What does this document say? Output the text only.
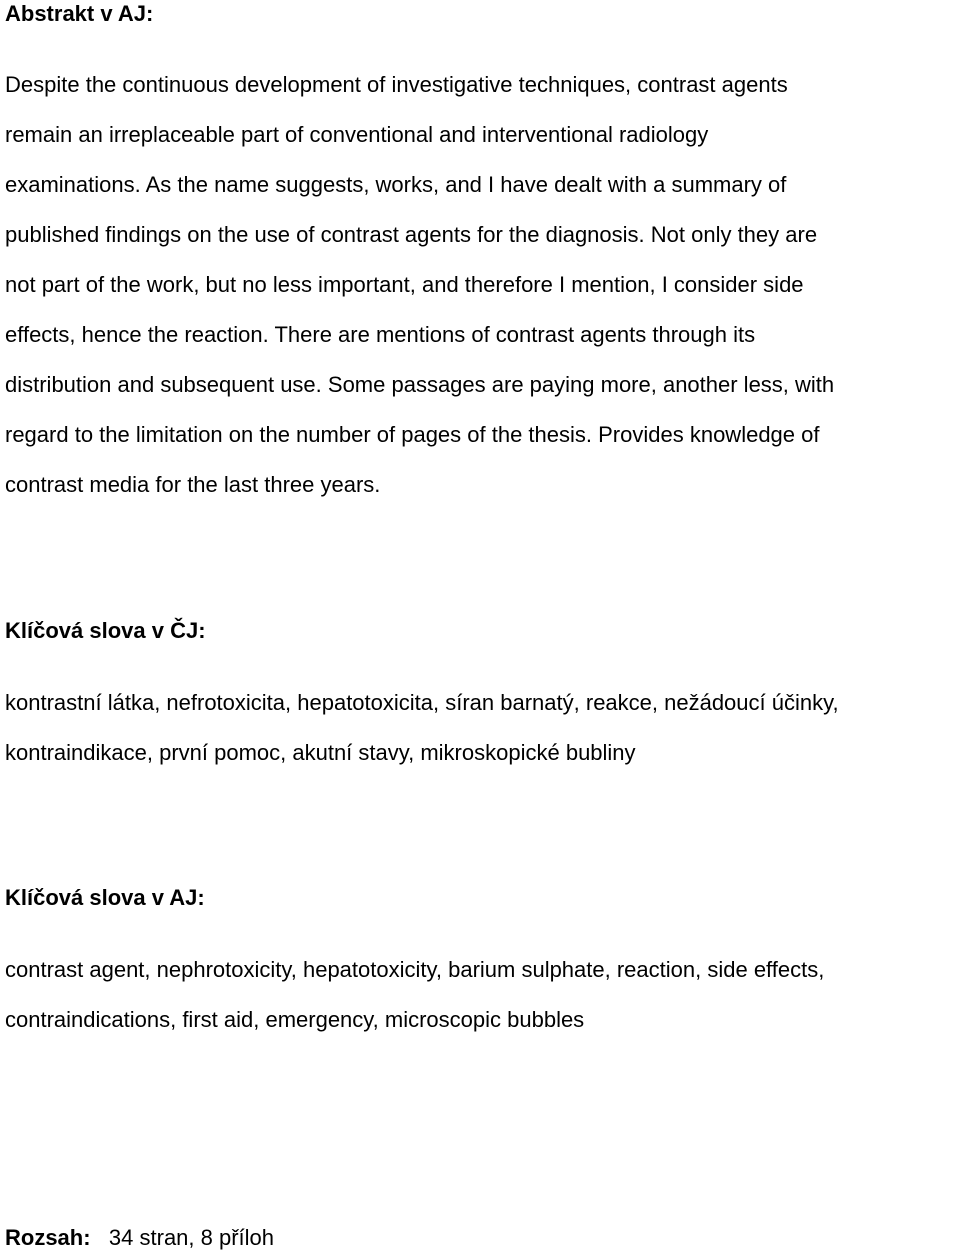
Abstrakt v AJ:
Despite the continuous development of investigative techniques, contrast agents
remain an irreplaceable part of conventional and interventional radiology
examinations. As the name suggests, works, and I have dealt with a summary of
published findings on the use of contrast agents for the diagnosis. Not only they are
not part of the work, but no less important, and therefore I mention, I consider side
effects, hence the reaction. There are mentions of contrast agents through its
distribution and subsequent use. Some passages are paying more, another less, with
regard to the limitation on the number of pages of the thesis. Provides knowledge of
contrast media for the last three years.
Klíčová slova v ČJ:
kontrastní látka, nefrotoxicita, hepatotoxicita, síran barnatý, reakce, nežádoucí účinky,
kontraindikace, první pomoc, akutní stavy, mikroskopické bubliny
Klíčová slova v AJ:
contrast agent, nephrotoxicity, hepatotoxicity, barium sulphate, reaction, side effects,
contraindications, first aid, emergency, microscopic bubbles

Rozsah: 34 stran, 8 příloh
